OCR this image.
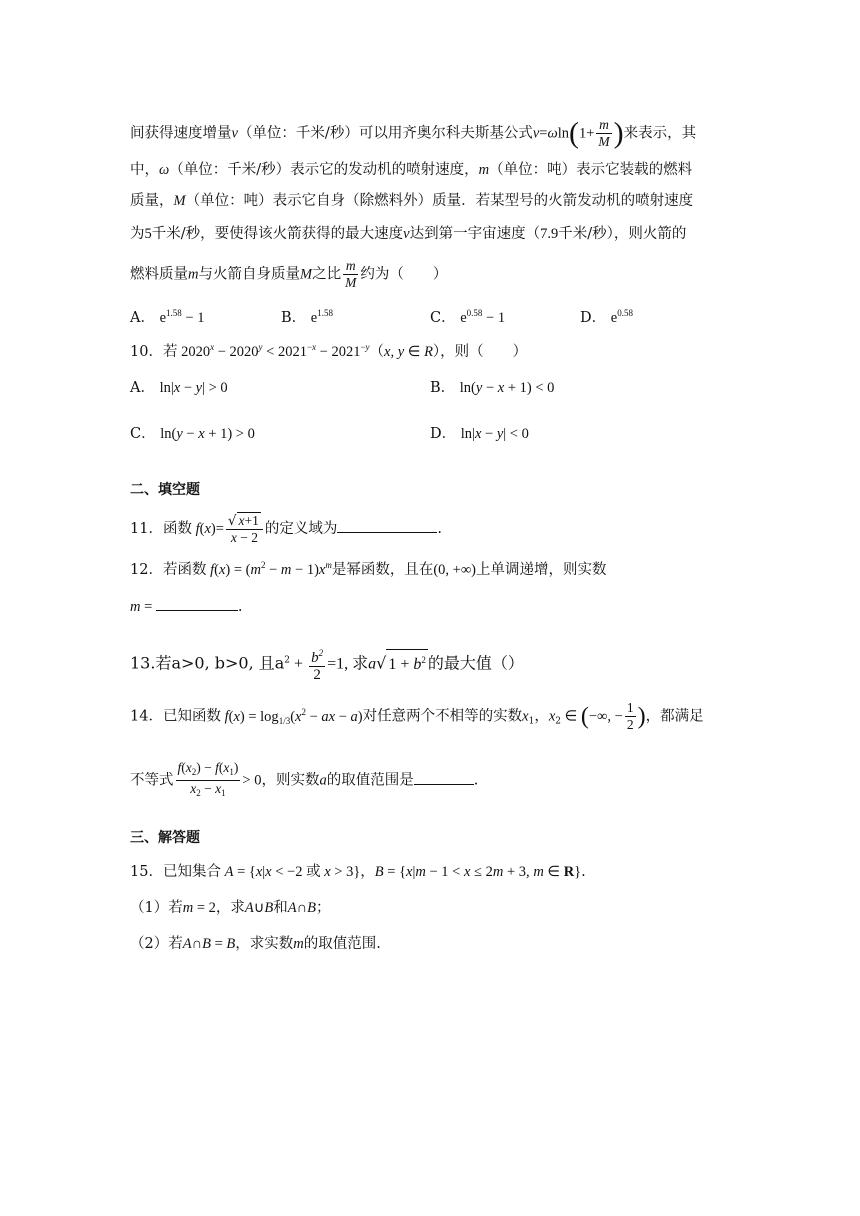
间获得速度增量v（单位：千米/秒）可以用齐奥尔科夫斯基公式$v=\omega\ln(1+ \frac{m}{M}$ )来表示，其
中，ω（单位：千米/秒）表示它的发动机的喷射速度，m（单位：吨）表示它装载的燃料
质量，M（单位：吨）表示它自身（除燃料外）质量．若某型号的火箭发动机的喷射速度
为5千米/秒，要使得该火箭获得的最大速度v达到第一宇宙速度（7.9千米/秒），则火箭的
燃料质量m与火箭自身质量M之比 $\frac{m}{M}$ 约为（　　）
A． $e^{1.58} - 1$	B． $e^{1.58}$	C． $e^{0.58} - 1$	D． $e^{0.58}$
10．若 $2020^x - 2020^y < 2021^{-x} - 2021^{-y}(x$, y ∈ R），则（　　）
A． ln|x − y| > 0	B． ln(y − x + 1) < 0
C． ln(y − x + 1) > 0	D． ln|x − y| < 0
二、填空题
11．函数 $f(x)= \frac{√ x+1}{x - 2}$ 的定义域为	.
12．若函数 $f(x) = (m^2 - m - 1)x^m$是幂函数，且在(0, +∞)上单调递增，则实数
m =	.
13.若a>0, b>0, 且$a^2 + \frac{b^2}{2} =1$, 求a√ $1 + b^2$ 的最大值（）
14．已知函数 $f(x) = \log_{1/3}(x^2$ − ax − a)对任意两个不相等的实数$x_1$，$x_2$ ∈ (−∞, − $\frac{1}{2}$ )，都满足
不等式 $\frac{f(x_2) - f(x_1)}{x_2 - x_1} > 0$，则实数a的取值范围是	.
三、解答题
15．已知集合 A = {x|x < −2 或 x > 3}，B = {x|m − 1 < x ≤ 2m + 3, m ∈ R}.
（1）若m = 2，求A∪B和A∩B；
（2）若A∩B = B，求实数m的取值范围.
